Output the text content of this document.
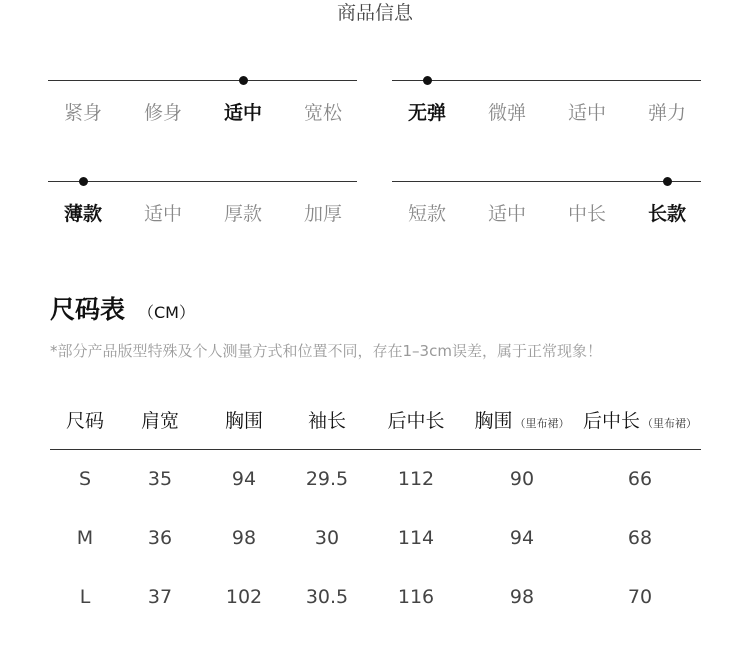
商品信息
紧身	修身	适中	宽松	无弹	微弹	适中	弹力
薄款	适中	厚款	加厚	短款	适中	中长	长款
尺码表 （CM）
*部分产品版型特殊及个人测量方式和位置不同，存在1–3cm误差，属于正常现象！
尺码 肩宽 胸围 袖长 后中长 胸围 （里布裙） 后中长 （里布裙）
S	35	94	29.5	112	90	66
M	36	98	30	114	94	68
L	37	102 30.5	116	98	70
